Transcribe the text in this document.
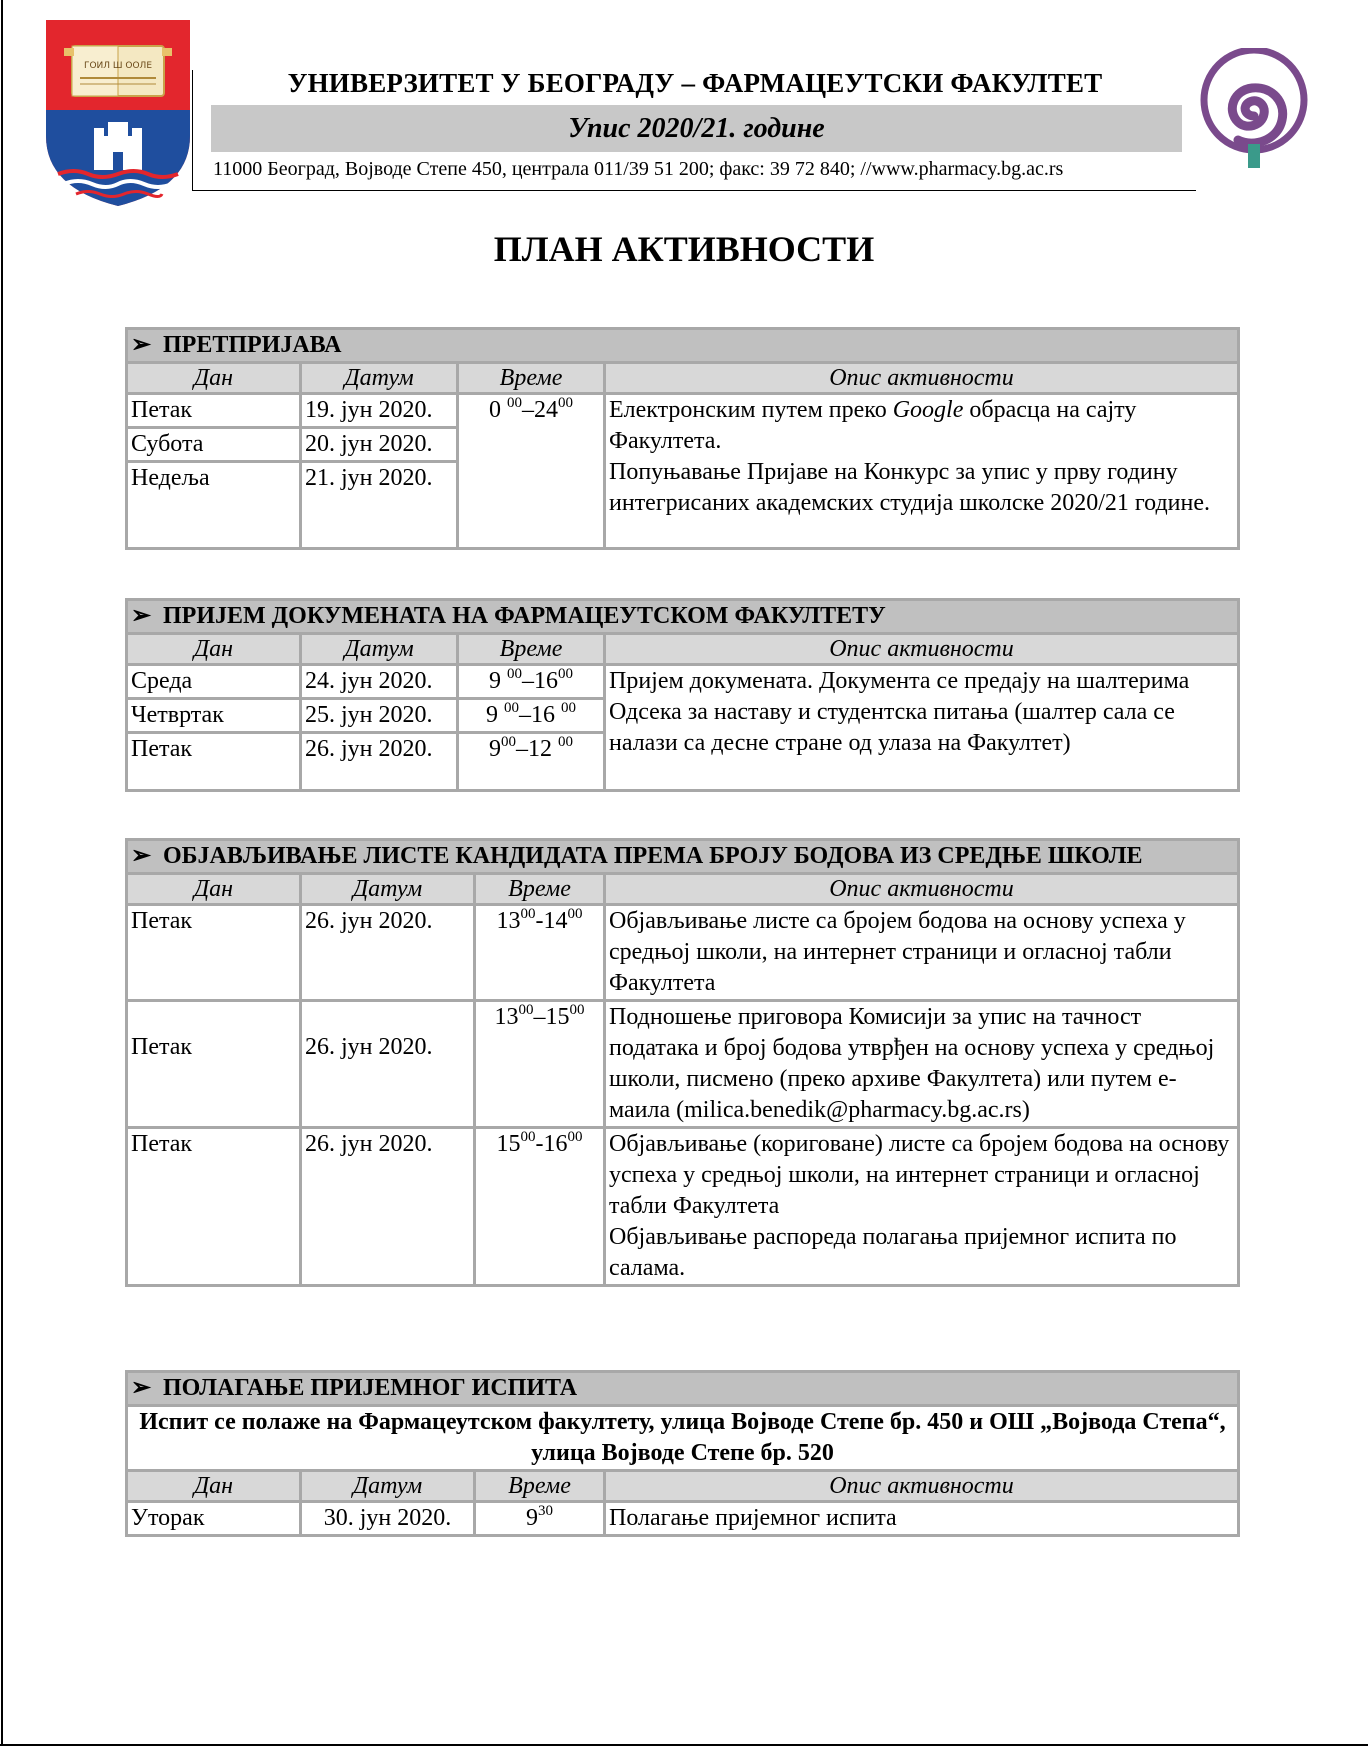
ГОИЛ Ш ООЛЕ
УНИВЕРЗИТЕТ У БЕОГРАДУ – ФАРМАЦЕУТСКИ ФАКУЛТЕТ
Упис 2020/21. године
11000 Београд, Војводе Степе 450, централа 011/39 51 200; факс: 39 72 840; //www.pharmacy.bg.ac.rs
ПЛАН АКТИВНОСТИ
➢ ПРЕТПРИЈАВА			
Дан	Датум	Време	Опис активности
Петак	19. јун 2020.	0 $^{00}-24^{00}$	Електронским путем преко Google обрасца на сајту Факултета.
Попуњавање Пријаве на Конкурс за упис у прву годину интегрисаних академских студија школске 2020/21 године.

Субота	20. јун 2020.		
Недеља	21. јун 2020.		
➢ ПРИЈЕМ ДОКУМЕНАТА НА ФАРМАЦЕУТСКОМ ФАКУЛТЕТУ			
Дан	Датум	Време	Опис активности
Среда	24. јун 2020.	9 $^{00}-16^{00}$	Пријем докумената. Документа се предају на шалтерима Одсека за наставу и студентска питања (шалтер сала се налази са десне стране од улаза на Факултет)
Четвртак	25. јун 2020.	9 $^{00}$–16 $^{00}$
Петак	26. јун 2020.	$9^{00}-12$ $^{00}$
➢ ОБЈАВЉИВАЊЕ ЛИСТЕ КАНДИДАТА ПРЕМА БРОЈУ БОДОВА ИЗ СРЕДЊЕ ШКОЛЕ			
Дан	Датум	Време	Опис активности
Петак	26. јун 2020.	$13^{00}-14^{00}$	Објављивање листе са бројем бодова на основу успеха у средњој школи, на интернет страници и огласној табли Факултета
Петак	26. јун 2020.	$13^{00}-15^{00}$	Подношење приговора Комисији за упис на тачност података и број бодова утврђен на основу успеха у средњој школи, писмено (преко архиве Факултета) или путем е-маила (milica.benedik@pharmacy.bg.ac.rs)
Петак	26. јун 2020.	$15^{00}-16^{00}$	Објављивање (кориговане) листе са бројем бодова на основу успеха у средњој школи, на интернет страници и огласној табли Факултета
Објављивање распореда полагања пријемног испита по салама.
➢ ПОЛАГАЊЕ ПРИЈЕМНОГ ИСПИТА			
Испит се полаже на Фармацеутском факултету, улица Војводе Степе бр. 450 и ОШ „Војвода Степа“, улица Војводе Степе бр. 520			
Дан	Датум	Време	Опис активности
Уторак	30. јун 2020.	$9^{30}$	Полагање пријемног испита
